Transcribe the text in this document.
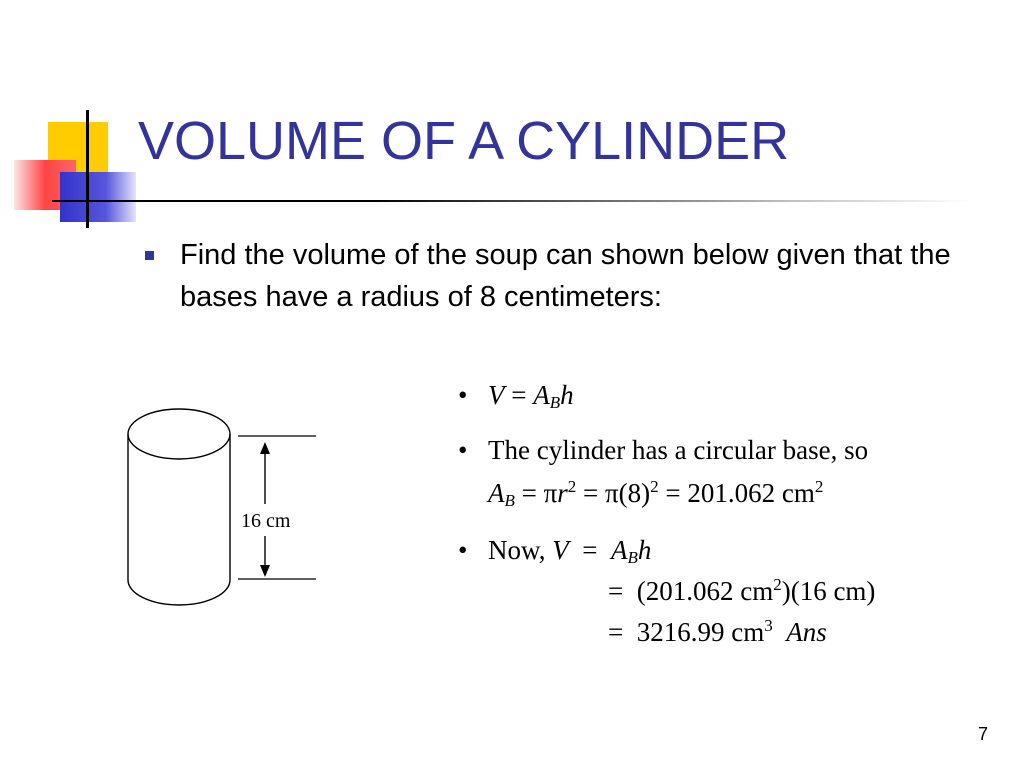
VOLUME OF A CYLINDER
Find the volume of the soup can shown below given that the bases have a radius of 8 centimeters:
16 cm
• $V = A_Bh$
• The cylinder has a circular base, so
$A_B = \pi r^2 = \pi(8)^2 = 201.062$ $cm^2$
• Now, $V = A_Bh$
=  (201.062 $cm^2)(16$ cm)
=  3216.99 $cm^3$ Ans
7
